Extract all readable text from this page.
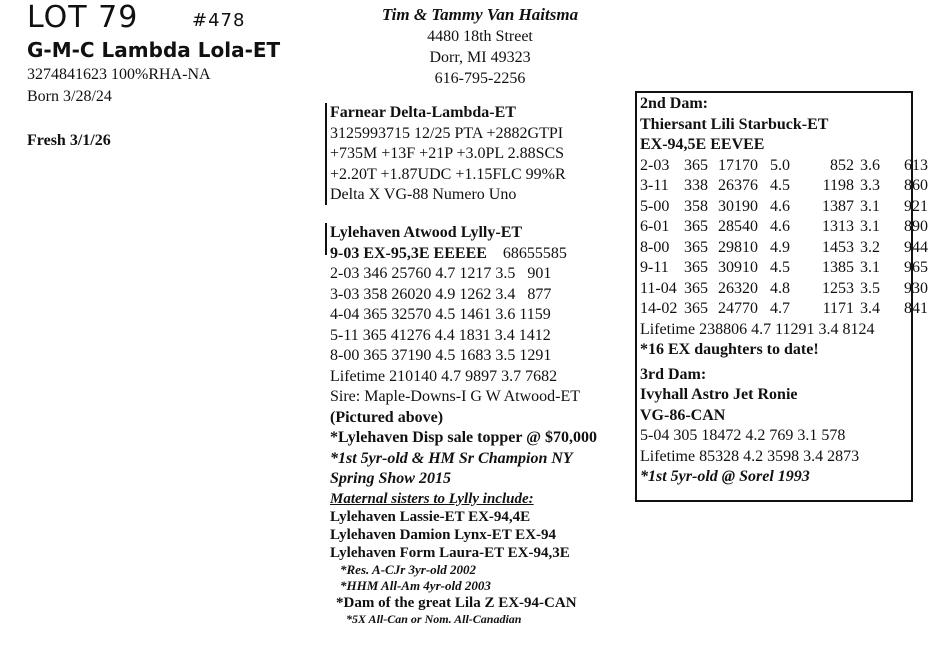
LOT 79	#478
G-M-C Lambda Lola-ET
3274841623 100%RHA-NA
Born 3/28/24
Fresh 3/1/26
Tim & Tammy Van Haitsma
4480 18th Street
Dorr, MI 49323
616-795-2256
Farnear Delta-Lambda-ET
3125993715 12/25 PTA +2882GTPI
+735M +13F +21P +3.0PL 2.88SCS
+2.20T +1.87UDC +1.15FLC 99%R
Delta X VG-88 Numero Uno
Lylehaven Atwood Lylly-ET
9-03 EX-95,3E EEEEE 68655585
2-03 346 25760 4.7 1217 3.5   901
3-03 358 26020 4.9 1262 3.4   877
4-04 365 32570 4.5 1461 3.6 1159
5-11 365 41276 4.4 1831 3.4 1412
8-00 365 37190 4.5 1683 3.5 1291
Lifetime 210140 4.7 9897 3.7 7682
Sire: Maple-Downs-I G W Atwood-ET
(Pictured above)
*Lylehaven Disp sale topper @ $70,000
*1st 5yr-old & HM Sr Champion NY
Spring Show 2015
Maternal sisters to Lylly include:
Lylehaven Lassie-ET EX-94,4E
Lylehaven Damion Lynx-ET EX-94
Lylehaven Form Laura-ET EX-94,3E
*Res. A-CJr 3yr-old 2002
*HHM All-Am 4yr-old 2003
*Dam of the great Lila Z EX-94-CAN
*5X All-Can or Nom. All-Canadian
2nd Dam:
Thiersant Lili Starbuck-ET
EX-94,5E EEVEE
2-03 365 17170 5.0	852 3.6	613
3-11 338 26376 4.5	1198 3.3	860
5-00 358 30190 4.6	1387 3.1	921
6-01 365 28540 4.6	1313 3.1	890
8-00 365 29810 4.9	1453 3.2	944
9-11 365 30910 4.5	1385 3.1	965
11-04 365 26320 4.8	1253 3.5	930
14-02 365 24770 4.7	1171 3.4	841
Lifetime 238806 4.7 11291 3.4 8124
*16 EX daughters to date!
3rd Dam:
Ivyhall Astro Jet Ronie
VG-86-CAN
5-04 305 18472 4.2 769 3.1 578
Lifetime 85328 4.2 3598 3.4 2873
*1st 5yr-old @ Sorel 1993
